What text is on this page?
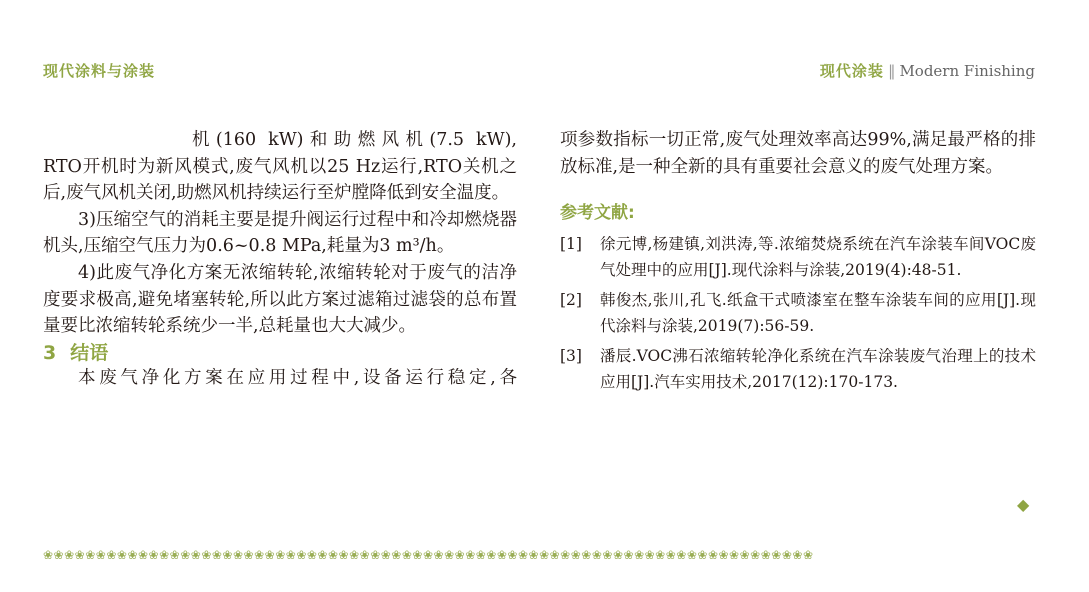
现代涂料与涂装	现代涂装 ‖ Modern Finishing

机(160 kW)和助燃风机(7.5 kW),

RTO开机时为新风模式,废气风机以25 Hz运行,RTO关机之后,废气风机关闭,助燃风机持续运行至炉膛降低到安全温度。

3)压缩空气的消耗主要是提升阀运行过程中和冷却燃烧器机头,压缩空气压力为0.6~0.8 MPa,耗量为3 m³/h。

4)此废气净化方案无浓缩转轮,浓缩转轮对于废气的洁净度要求极高,避免堵塞转轮,所以此方案过滤箱过滤袋的总布置量要比浓缩转轮系统少一半,总耗量也大大减少。

3 结语

本废气净化方案在应用过程中,设备运行稳定,各

项参数指标一切正常,废气处理效率高达99%,满足最严格的排放标准,是一种全新的具有重要社会意义的废气处理方案。

参考文献:
[1] 徐元博,杨建镇,刘洪涛,等.浓缩焚烧系统在汽车涂装车间VOC废气处理中的应用[J].现代涂料与涂装,2019(4):48-51.
[2] 韩俊杰,张川,孔飞.纸盒干式喷漆室在整车涂装车间的应用[J].现代涂料与涂装,2019(7):56-59.
[3] 潘辰.VOC沸石浓缩转轮净化系统在汽车涂装废气治理上的技术应用[J].汽车实用技术,2017(12):170-173.
◆
❀❀❀❀❀❀❀❀❀❀❀❀❀❀❀❀❀❀❀❀❀❀❀❀❀❀❀❀❀❀❀❀❀❀❀❀❀❀❀❀❀❀❀❀❀❀❀❀❀❀❀❀❀❀❀❀❀❀❀❀❀❀❀❀❀❀❀❀❀❀❀❀❀
